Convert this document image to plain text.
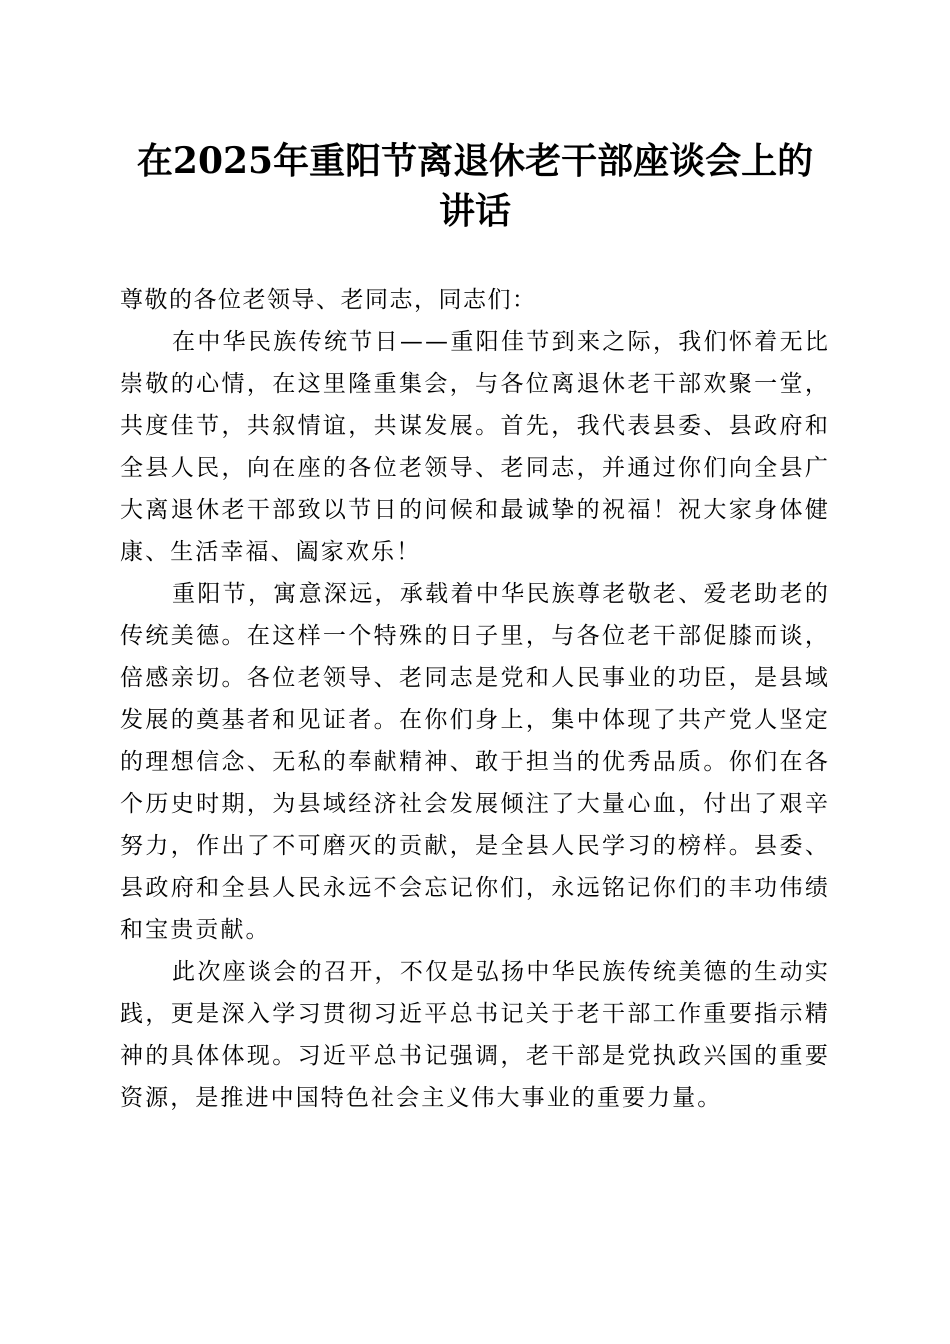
在2025年重阳节离退休老干部座谈会上的讲话

尊敬的各位老领导、老同志，同志们：

在中华民族传统节日——重阳佳节到来之际，我们怀着无比崇敬的心情，在这里隆重集会，与各位离退休老干部欢聚一堂，共度佳节，共叙情谊，共谋发展。首先，我代表县委、县政府和全县人民，向在座的各位老领导、老同志，并通过你们向全县广大离退休老干部致以节日的问候和最诚挚的祝福！祝大家身体健康、生活幸福、阖家欢乐！

重阳节，寓意深远，承载着中华民族尊老敬老、爱老助老的传统美德。在这样一个特殊的日子里，与各位老干部促膝而谈，倍感亲切。各位老领导、老同志是党和人民事业的功臣，是县域发展的奠基者和见证者。在你们身上，集中体现了共产党人坚定的理想信念、无私的奉献精神、敢于担当的优秀品质。你们在各个历史时期，为县域经济社会发展倾注了大量心血，付出了艰辛努力，作出了不可磨灭的贡献，是全县人民学习的榜样。县委、县政府和全县人民永远不会忘记你们，永远铭记你们的丰功伟绩和宝贵贡献。

此次座谈会的召开，不仅是弘扬中华民族传统美德的生动实践，更是深入学习贯彻习近平总书记关于老干部工作重要指示精神的具体体现。习近平总书记强调，老干部是党执政兴国的重要资源，是推进中国特色社会主义伟大事业的重要力量。
